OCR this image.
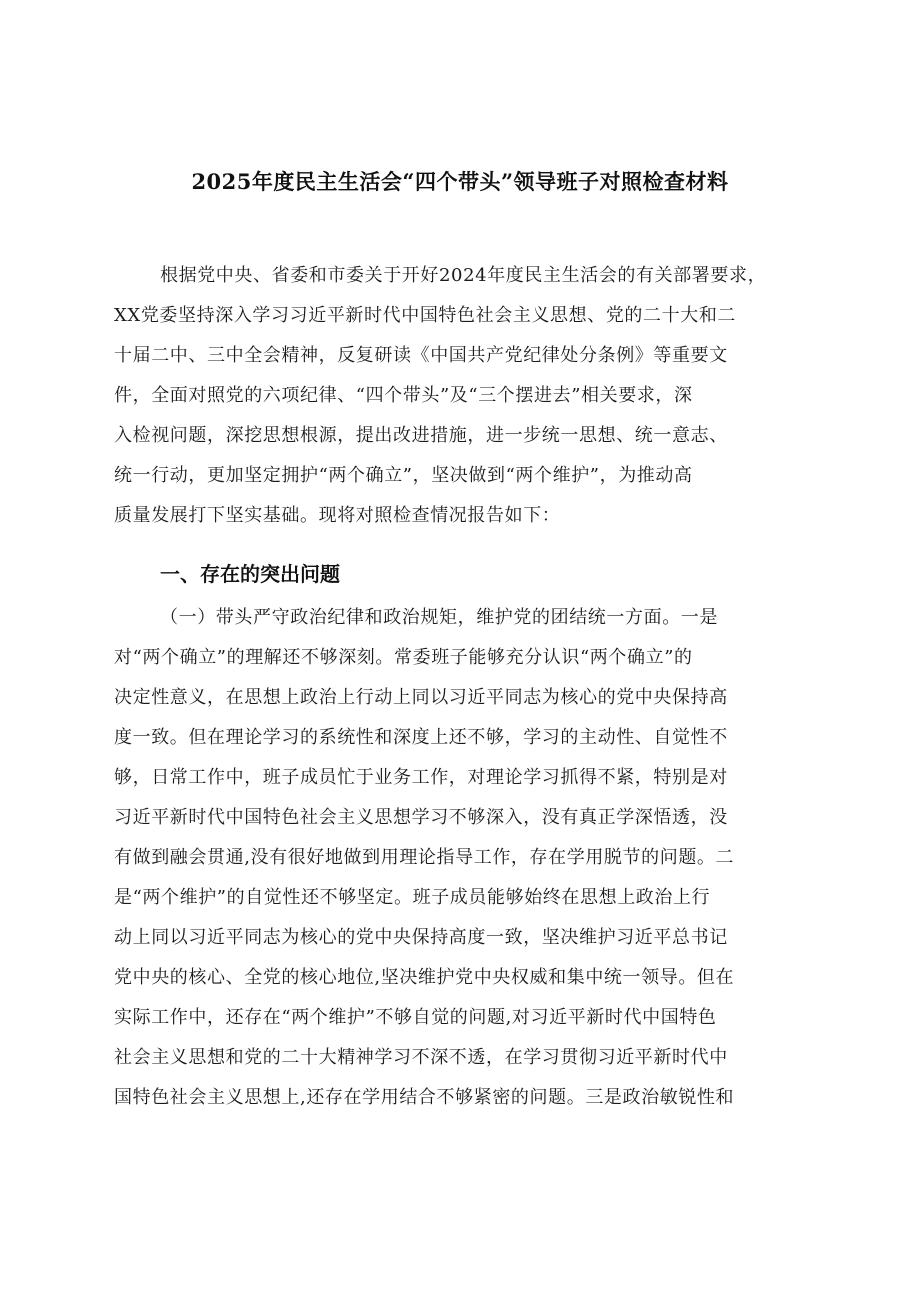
2025年度民主生活会“四个带头”领导班子对照检查材料
根据党中央、省委和市委关于开好2024年度民主生活会的有关部署要求，
XX党委坚持深入学习习近平新时代中国特色社会主义思想、党的二十大和二
十届二中、三中全会精神，反复研读《中国共产党纪律处分条例》等重要文
件，全面对照党的六项纪律、“四个带头”及“三个摆进去”相关要求，深
入检视问题，深挖思想根源，提出改进措施，进一步统一思想、统一意志、
统一行动，更加坚定拥护“两个确立”，坚决做到“两个维护”，为推动高
质量发展打下坚实基础。现将对照检查情况报告如下：
一、存在的突出问题
（一）带头严守政治纪律和政治规矩，维护党的团结统一方面。一是
对“两个确立”的理解还不够深刻。常委班子能够充分认识“两个确立”的
决定性意义，在思想上政治上行动上同以习近平同志为核心的党中央保持高
度一致。但在理论学习的系统性和深度上还不够，学习的主动性、自觉性不
够，日常工作中，班子成员忙于业务工作，对理论学习抓得不紧，特别是对
习近平新时代中国特色社会主义思想学习不够深入，没有真正学深悟透，没
有做到融会贯通,没有很好地做到用理论指导工作，存在学用脱节的问题。二
是“两个维护”的自觉性还不够坚定。班子成员能够始终在思想上政治上行
动上同以习近平同志为核心的党中央保持高度一致，坚决维护习近平总书记
党中央的核心、全党的核心地位,坚决维护党中央权威和集中统一领导。但在
实际工作中，还存在“两个维护”不够自觉的问题,对习近平新时代中国特色
社会主义思想和党的二十大精神学习不深不透，在学习贯彻习近平新时代中
国特色社会主义思想上,还存在学用结合不够紧密的问题。三是政治敏锐性和
